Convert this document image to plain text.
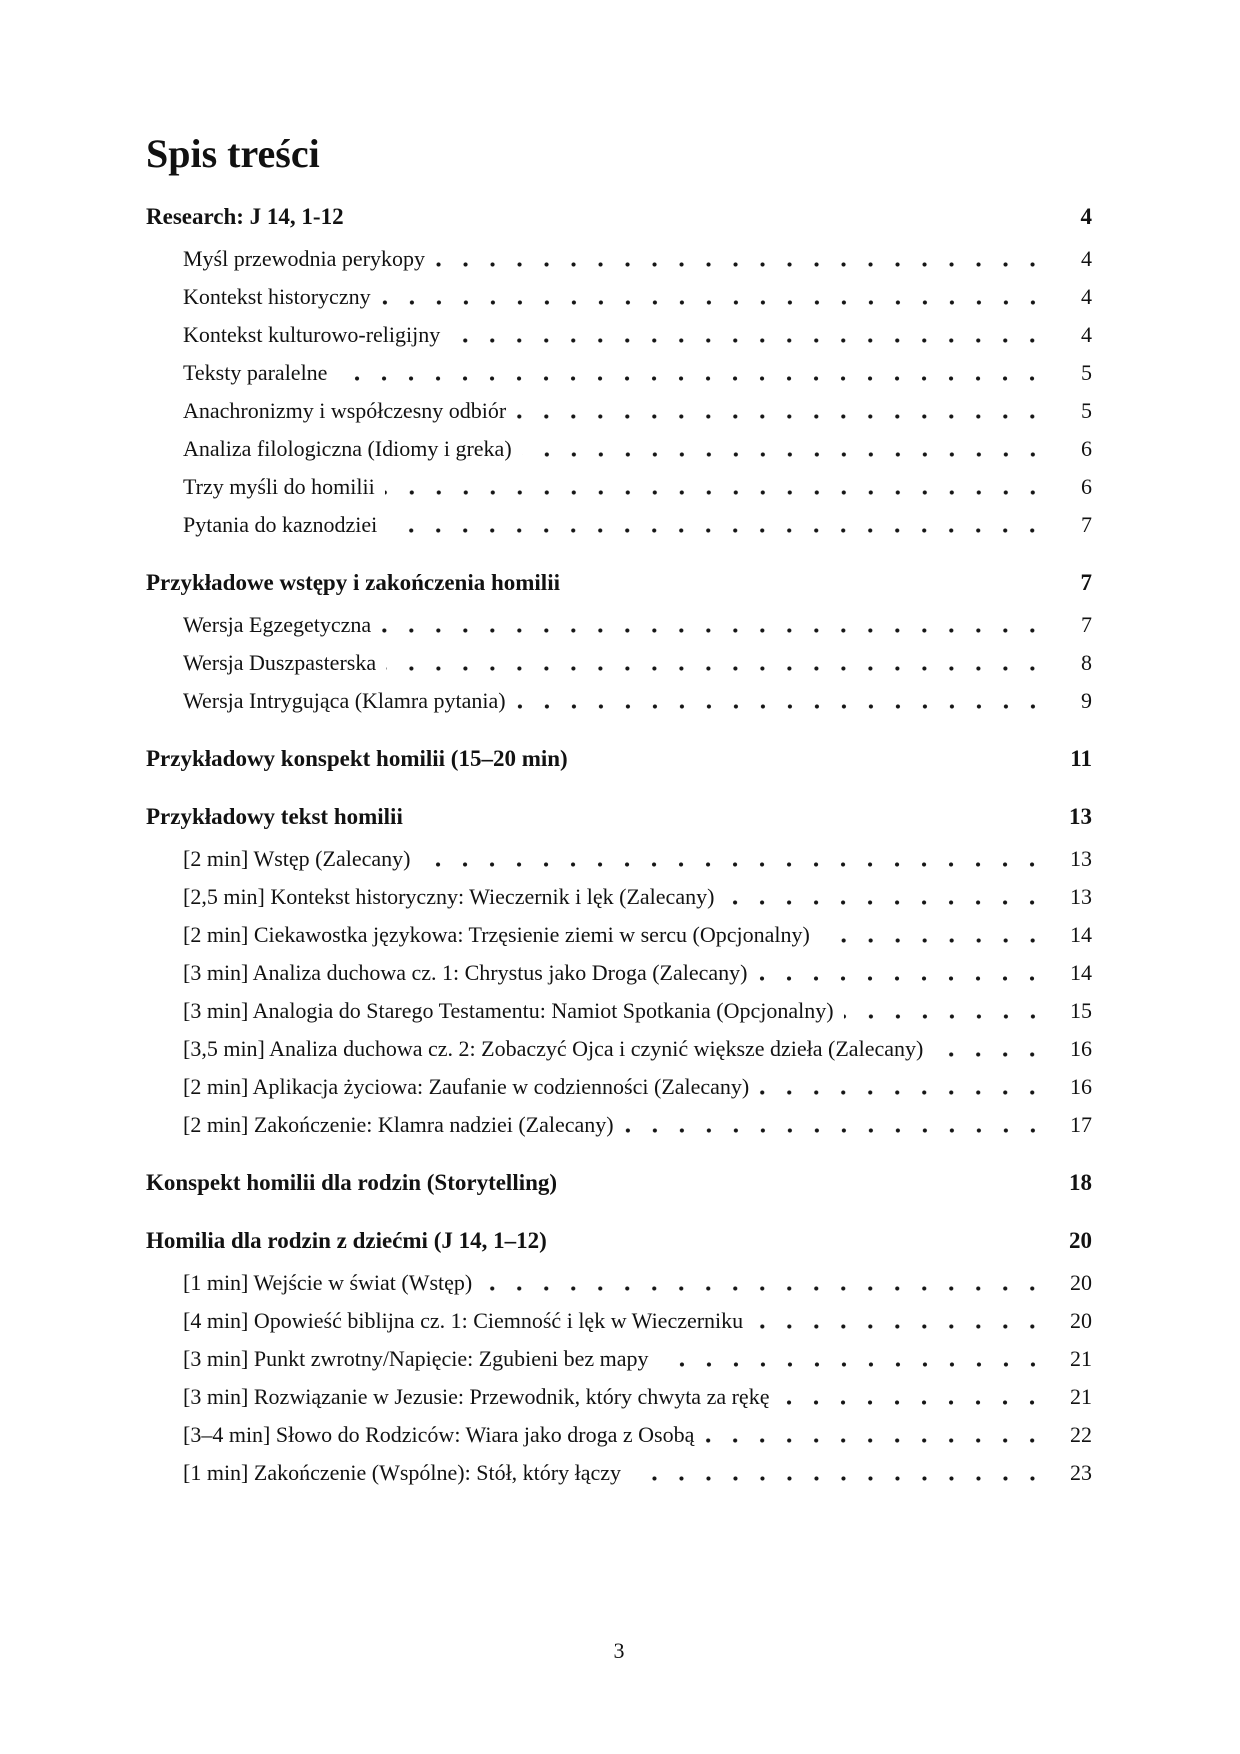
Spis treści
Research: J 14, 1-12	4
Myśl przewodnia perykopy	4
Kontekst historyczny	4
Kontekst kulturowo-religijny	4
Teksty paralelne	5
Anachronizmy i współczesny odbiór	5
Analiza filologiczna (Idiomy i greka)	6
Trzy myśli do homilii	6
Pytania do kaznodziei	7
Przykładowe wstępy i zakończenia homilii	7
Wersja Egzegetyczna	7
Wersja Duszpasterska	8
Wersja Intrygująca (Klamra pytania)	9
Przykładowy konspekt homilii (15–20 min)	11
Przykładowy tekst homilii	13
[2 min] Wstęp (Zalecany)	13
[2,5 min] Kontekst historyczny: Wieczernik i lęk (Zalecany)	13
[2 min] Ciekawostka językowa: Trzęsienie ziemi w sercu (Opcjonalny)	14
[3 min] Analiza duchowa cz. 1: Chrystus jako Droga (Zalecany)	14
[3 min] Analogia do Starego Testamentu: Namiot Spotkania (Opcjonalny)	15
[3,5 min] Analiza duchowa cz. 2: Zobaczyć Ojca i czynić większe dzieła (Zalecany)	16
[2 min] Aplikacja życiowa: Zaufanie w codzienności (Zalecany)	16
[2 min] Zakończenie: Klamra nadziei (Zalecany)	17
Konspekt homilii dla rodzin (Storytelling)	18
Homilia dla rodzin z dziećmi (J 14, 1–12)	20
[1 min] Wejście w świat (Wstęp)	20
[4 min] Opowieść biblijna cz. 1: Ciemność i lęk w Wieczerniku	20
[3 min] Punkt zwrotny/Napięcie: Zgubieni bez mapy	21
[3 min] Rozwiązanie w Jezusie: Przewodnik, który chwyta za rękę	21
[3–4 min] Słowo do Rodziców: Wiara jako droga z Osobą	22
[1 min] Zakończenie (Wspólne): Stół, który łączy	23
3
